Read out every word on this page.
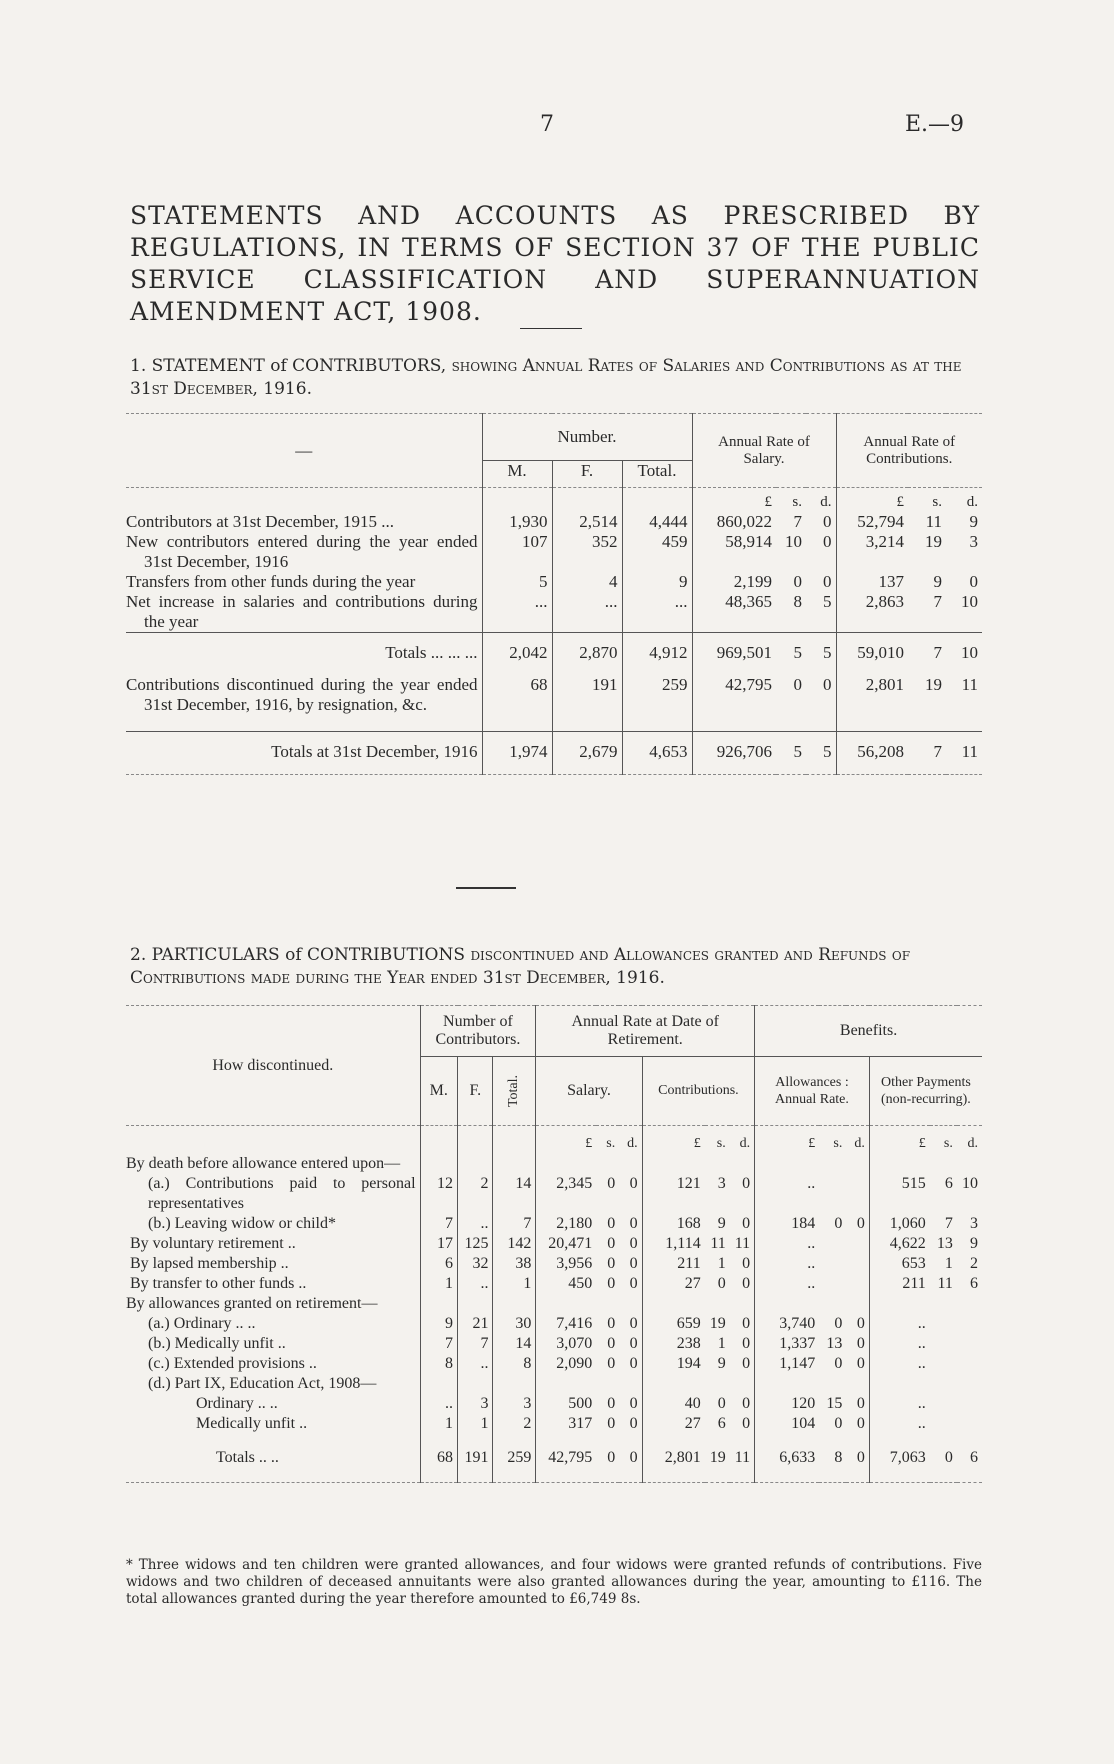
7	E.—9
STATEMENTS AND ACCOUNTS AS PRESCRIBED BY REGULATIONS, IN TERMS OF SECTION 37 OF THE PUBLIC SERVICE CLASSIFICATION AND SUPERANNUATION AMENDMENT ACT, 1908.
1. STATEMENT of CONTRIBUTORS, showing Annual Rates of Salaries and Contributions as at the 31st December, 1916.
—	Number.			Annual Rate of Salary.			Annual Rate of Contributions.		
	M.	F.	Total.						
				£	s.	d.	£	s.	d.
Contributors at 31st December, 1915 ...	1,930	2,514	4,444	860,022	7	0	52,794	11	9
New contributors entered during the year ended 31st December, 1916	107	352	459	58,914	10	0	3,214	19	3
Transfers from other funds during the year	5	4	9	2,199	0	0	137	9	0
Net increase in salaries and contributions during the year	...	...	...	48,365	8	5	2,863	7	10
Totals ... ... ...	2,042	2,870	4,912	969,501	5	5	59,010	7	10
Contributions discontinued during the year ended 31st December, 1916, by resignation, &c.	68	191	259	42,795	0	0	2,801	19	11
Totals at 31st December, 1916	1,974	2,679	4,653	926,706	5	5	56,208	7	11
2. PARTICULARS of CONTRIBUTIONS discontinued and Allowances granted and Refunds of Contributions made during the Year ended 31st December, 1916.
How discontinued.	Number of Contributors.			Annual Rate at Date of Retirement.						Benefits.					
	M.	F.	Total.	Salary.			Contributions.			Allowances : Annual Rate.			Other Payments (non-recurring).		
				£	s.	d.	£	s.	d.	£	s.	d.	£	s.	d.
By death before allowance entered upon—															
(a.) Contributions paid to personal representatives	12	2	14	2,345	0	0	121	3	0	..			515	6	10
(b.) Leaving widow or child*	7	..	7	2,180	0	0	168	9	0	184	0	0	1,060	7	3
By voluntary retirement ..	17	125	142	20,471	0	0	1,114	11	11	..			4,622	13	9
By lapsed membership ..	6	32	38	3,956	0	0	211	1	0	..			653	1	2
By transfer to other funds ..	1	..	1	450	0	0	27	0	0	..			211	11	6
By allowances granted on retirement—															
(a.) Ordinary .. ..	9	21	30	7,416	0	0	659	19	0	3,740	0	0	..		
(b.) Medically unfit ..	7	7	14	3,070	0	0	238	1	0	1,337	13	0	..		
(c.) Extended provisions ..	8	..	8	2,090	0	0	194	9	0	1,147	0	0	..		
(d.) Part IX, Education Act, 1908—															
Ordinary .. ..	..	3	3	500	0	0	40	0	0	120	15	0	..		
Medically unfit ..	1	1	2	317	0	0	27	6	0	104	0	0	..		
Totals .. ..	68	191	259	42,795	0	0	2,801	19	11	6,633	8	0	7,063	0	6
* Three widows and ten children were granted allowances, and four widows were granted refunds of contributions. Five widows and two children of deceased annuitants were also granted allowances during the year, amounting to £116. The total allowances granted during the year therefore amounted to £6,749 8s.
